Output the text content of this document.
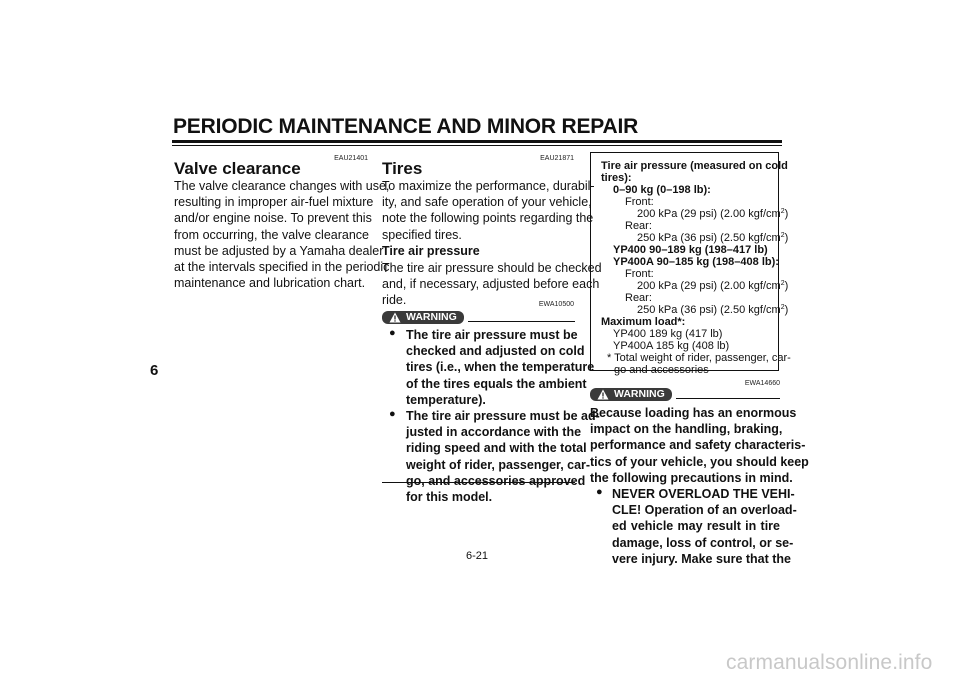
PERIODIC MAINTENANCE AND MINOR REPAIR
6
EAU21401
Valve clearance
The valve clearance changes with use,
resulting in improper air-fuel mixture
and/or engine noise. To prevent this
from occurring, the valve clearance
must be adjusted by a Yamaha dealer
at the intervals specified in the periodic
maintenance and lubrication chart.
EAU21871
Tires
To maximize the performance, durabil-
ity, and safe operation of your vehicle,
note the following points regarding the
specified tires.
Tire air pressure
The tire air pressure should be checked
and, if necessary, adjusted before each
ride.	EWA10500
WARNING
● The tire air pressure must be
checked and adjusted on cold
tires (i.e., when the temperature
of the tires equals the ambient
temperature).
● The tire air pressure must be ad-
justed in accordance with the
riding speed and with the total
weight of rider, passenger, car-
go, and accessories approved
for this model.
Tire air pressure (measured on cold
tires):
0–90 kg (0–198 lb):
Front:
200 kPa (29 psi) (2.00 kgf/$cm^2$)
Rear:
250 kPa (36 psi) (2.50 kgf/$cm^2$)
YP400 90–189 kg (198–417 lb)
YP400A 90–185 kg (198–408 lb):
Front:
200 kPa (29 psi) (2.00 kgf/$cm^2$)
Rear:
250 kPa (36 psi) (2.50 kgf/$cm^2$)
Maximum load*:
YP400 189 kg (417 lb)
YP400A 185 kg (408 lb)
* Total weight of rider, passenger, car-
go and accessories
EWA14660
WARNING
Because loading has an enormous
impact on the handling, braking,
performance and safety characteris-
tics of your vehicle, you should keep
the following precautions in mind.
● NEVER OVERLOAD THE VEHI-
CLE! Operation of an overload-
ed vehicle may result in tire
damage, loss of control, or se-
vere injury. Make sure that the
6-21
carmanualsonline.info
